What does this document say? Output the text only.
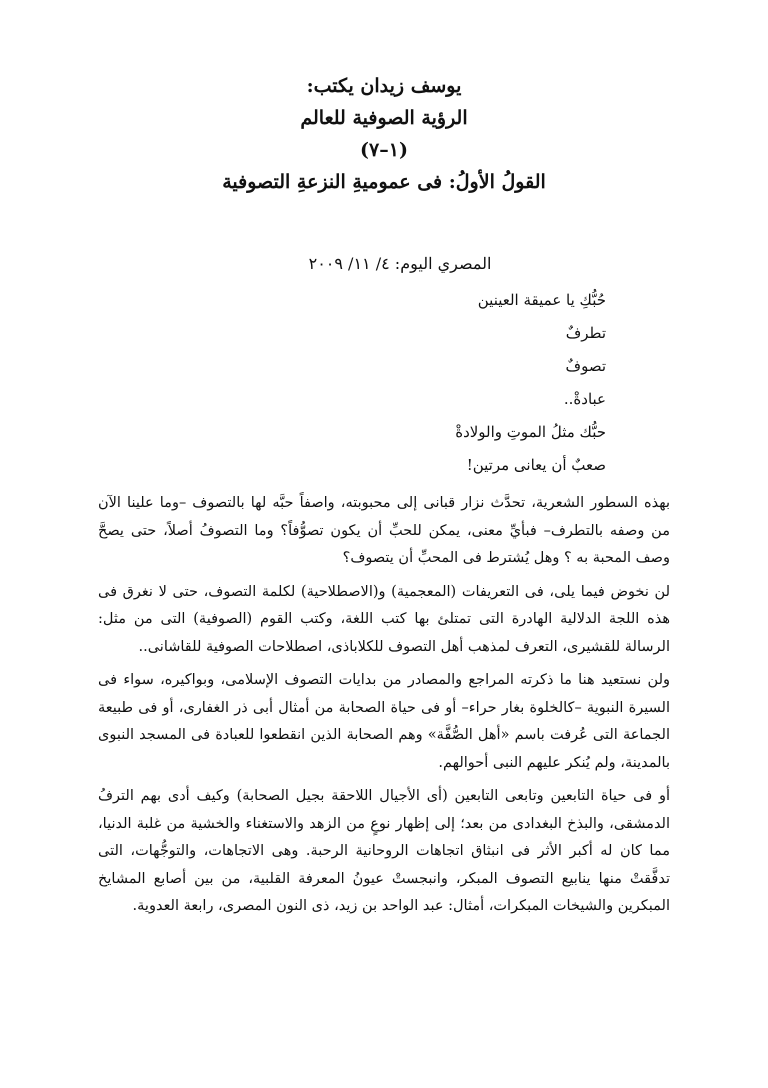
يوسف زيدان يكتب:

الرؤية الصوفية للعالم

(١–٧)

القولُ الأولُ: فى عموميةِ النزعةِ التصوفية

المصري اليوم: ٤/ ١١/ ٢٠٠٩
حُبُّكِ يا عميقة العينين
تطرفٌ
تصوفٌ
عبادةْ..
حبُّك مثلُ الموتِ والولادةْ
صعبٌ أن يعانى مرتين!

بهذه السطور الشعرية، تحدَّث نزار قبانى إلى محبوبته، واصفاً حبَّه لها بالتصوف –وما علينا الآن من وصفه بالتطرف– فبأيِّ معنى، يمكن للحبِّ أن يكون تصوُّفاً؟ وما التصوفُ أصلاً، حتى يصحَّ وصف المحبة به ؟ وهل يُشترط فى المحبِّ أن يتصوف؟

لن نخوض فيما يلى، فى التعريفات (المعجمية) و(الاصطلاحية) لكلمة التصوف، حتى لا نغرق فى هذه اللجة الدلالية الهادرة التى تمتلئ بها كتب اللغة، وكتب القوم (الصوفية) التى من مثل: الرسالة للقشيرى، التعرف لمذهب أهل التصوف للكلاباذى، اصطلاحات الصوفية للقاشانى..

ولن نستعيد هنا ما ذكرته المراجع والمصادر من بدايات التصوف الإسلامى، وبواكيره، سواء فى السيرة النبوية –كالخلوة بغار حراء– أو فى حياة الصحابة من أمثال أبى ذر الغفارى، أو فى طبيعة الجماعة التى عُرفت باسم «أهل الصُّفَّة» وهم الصحابة الذين انقطعوا للعبادة فى المسجد النبوى بالمدينة، ولم يُنكر عليهم النبى أحوالهم.

أو فى حياة التابعين وتابعى التابعين (أى الأجيال اللاحقة بجيل الصحابة) وكيف أدى بهم الترفُ الدمشقى، والبذخ البغدادى من بعد؛ إلى إظهار نوعٍ من الزهد والاستغناء والخشية من غلبة الدنيا، مما كان له أكبر الأثر فى انبثاق اتجاهات الروحانية الرحبة. وهى الاتجاهات، والتوجُّهات، التى تدفَّقتْ منها ينابيع التصوف المبكر، وانبجستْ عيونُ المعرفة القلبية، من بين أصابع المشايخ المبكرين والشيخات المبكرات، أمثال: عبد الواحد بن زيد، ذى النون المصرى، رابعة العدوية.
